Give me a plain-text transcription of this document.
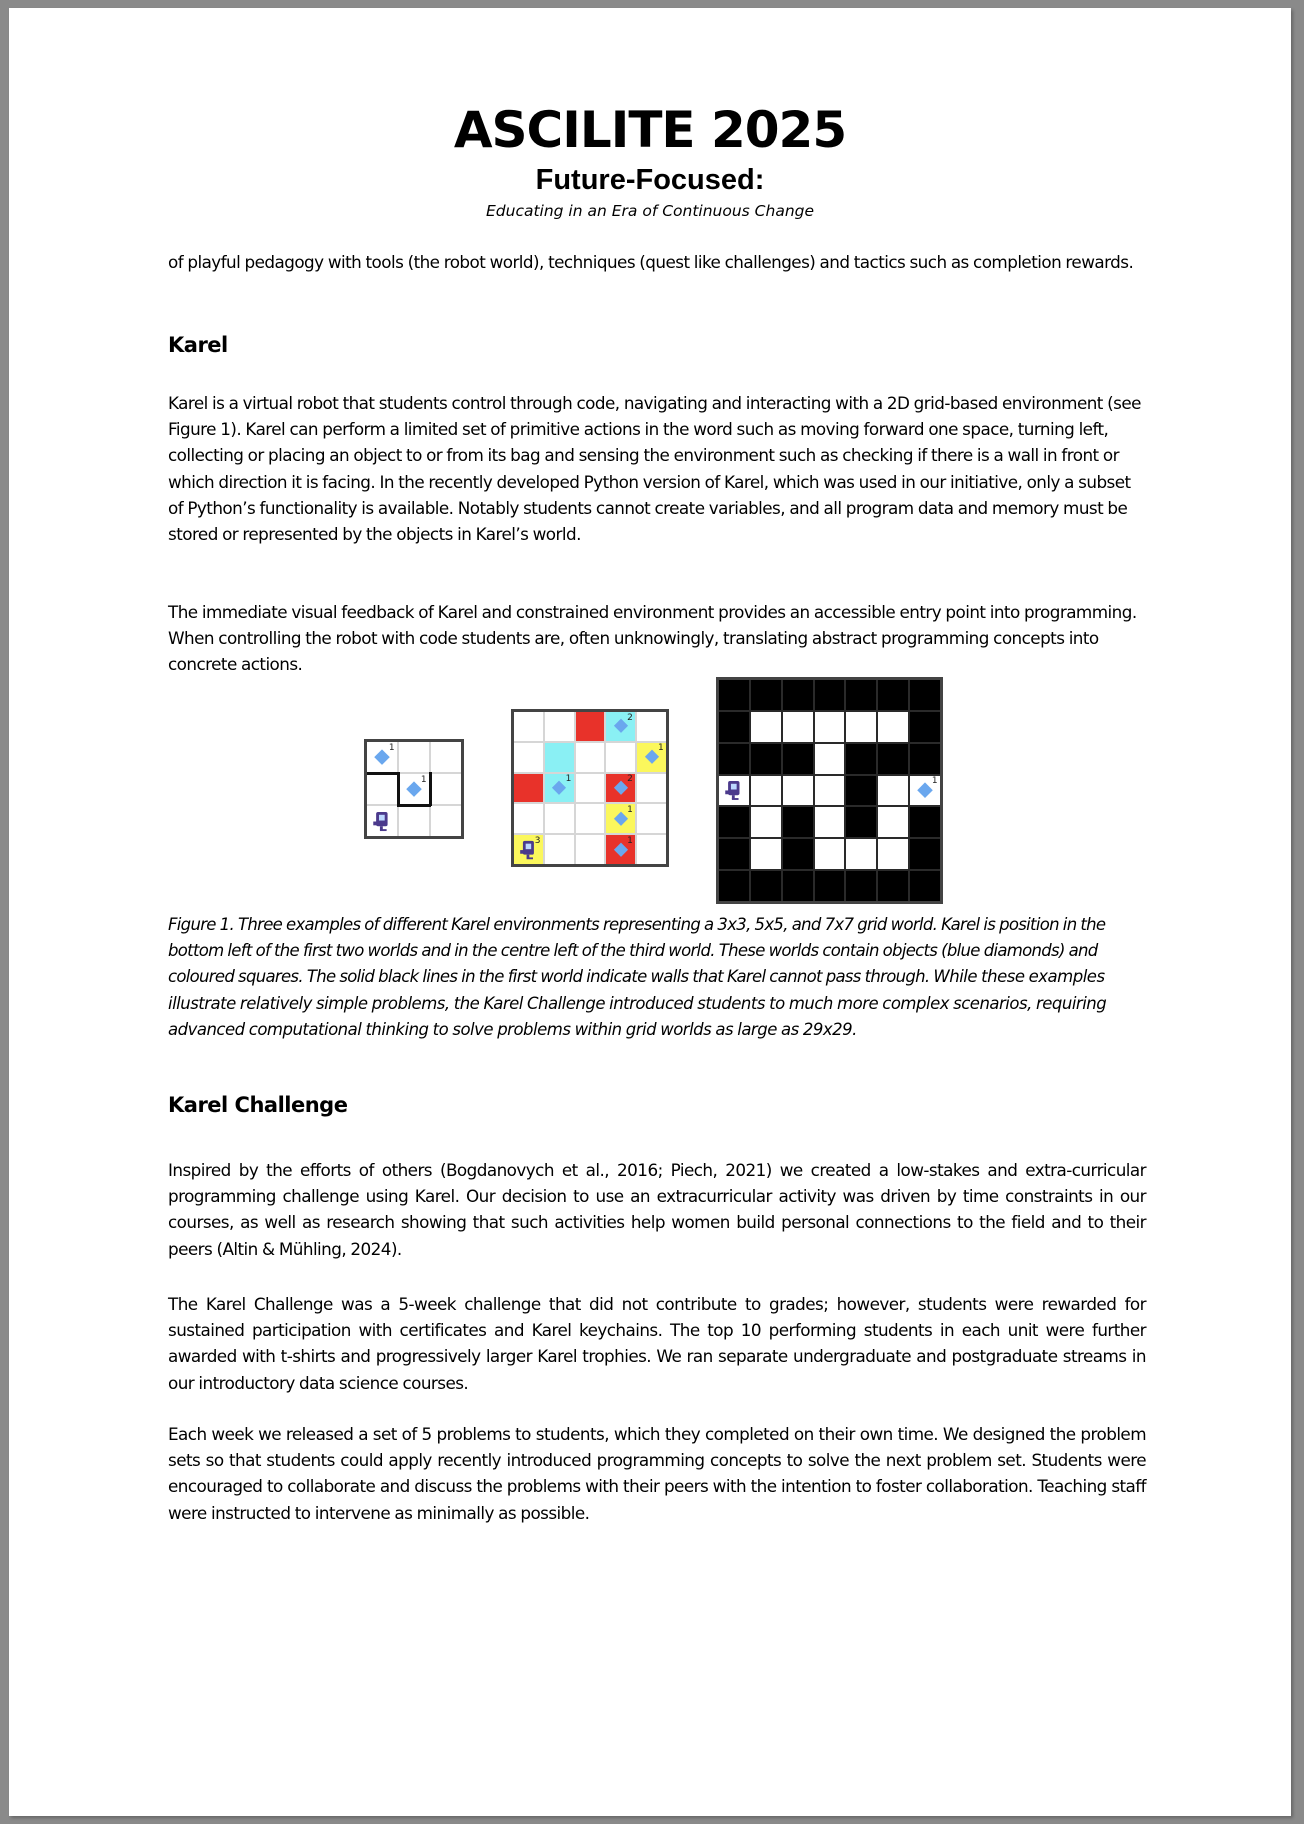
ASCILITE 2025
Future-Focused:
Educating in an Era of Continuous Change
of playful pedagogy with tools (the robot world), techniques (quest like challenges) and tactics such as completion rewards.
Karel
Karel is a virtual robot that students control through code, navigating and interacting with a 2D grid-based environment (see Figure 1). Karel can perform a limited set of primitive actions in the word such as moving forward one space, turning left, collecting or placing an object to or from its bag and sensing the environment such as checking if there is a wall in front or which direction it is facing. In the recently developed Python version of Karel, which was used in our initiative, only a subset of Python’s functionality is available. Notably students cannot create variables, and all program data and memory must be stored or represented by the objects in Karel’s world.
The immediate visual feedback of Karel and constrained environment provides an accessible entry point into programming. When controlling the robot with code students are, often unknowingly, translating abstract programming concepts into concrete actions.
1
1
2
1
1	2
1
3	1
1
Figure 1. Three examples of different Karel environments representing a 3x3, 5x5, and 7x7 grid world. Karel is position in the bottom left of the first two worlds and in the centre left of the third world. These worlds contain objects (blue diamonds) and coloured squares. The solid black lines in the first world indicate walls that Karel cannot pass through. While these examples illustrate relatively simple problems, the Karel Challenge introduced students to much more complex scenarios, requiring advanced computational thinking to solve problems within grid worlds as large as 29x29.
Karel Challenge
Inspired by the efforts of others (Bogdanovych et al., 2016; Piech, 2021) we created a low-stakes and extra-curricular programming challenge using Karel. Our decision to use an extracurricular activity was driven by time constraints in our courses, as well as research showing that such activities help women build personal connections to the field and to their peers (Altin & Mühling, 2024).
The Karel Challenge was a 5-week challenge that did not contribute to grades; however, students were rewarded for sustained participation with certificates and Karel keychains. The top 10 performing students in each unit were further awarded with t-shirts and progressively larger Karel trophies. We ran separate undergraduate and postgraduate streams in our introductory data science courses.
Each week we released a set of 5 problems to students, which they completed on their own time. We designed the problem sets so that students could apply recently introduced programming concepts to solve the next problem set. Students were encouraged to collaborate and discuss the problems with their peers with the intention to foster collaboration. Teaching staff were instructed to intervene as minimally as possible.
